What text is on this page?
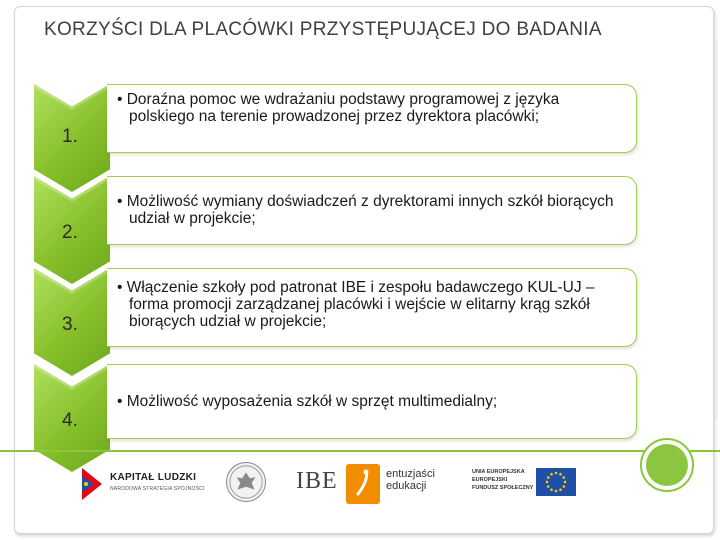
KORZYŚCI DLA PLACÓWKI PRZYSTĘPUJĄCEJ DO BADANIA
1.
• Doraźna pomoc we wdrażaniu podstawy programowej z języka polskiego na terenie prowadzonej przez dyrektora placówki;
2.
• Możliwość wymiany doświadczeń z dyrektorami innych szkół biorących udział w projekcie;
3.
• Włączenie szkoły pod patronat IBE i zespołu badawczego KUL-UJ – forma promocji zarządzanej placówki i wejście w elitarny krąg szkół biorących udział w projekcie;
4.
• Możliwość wyposażenia szkół w sprzęt multimedialny;
KAPITAŁ LUDZKI
NARODOWA STRATEGIA SPÓJNOŚCI	IBE	entuzjaści
edukacji
UNIA EUROPEJSKA
EUROPEJSKI
FUNDUSZ SPOŁECZNY
